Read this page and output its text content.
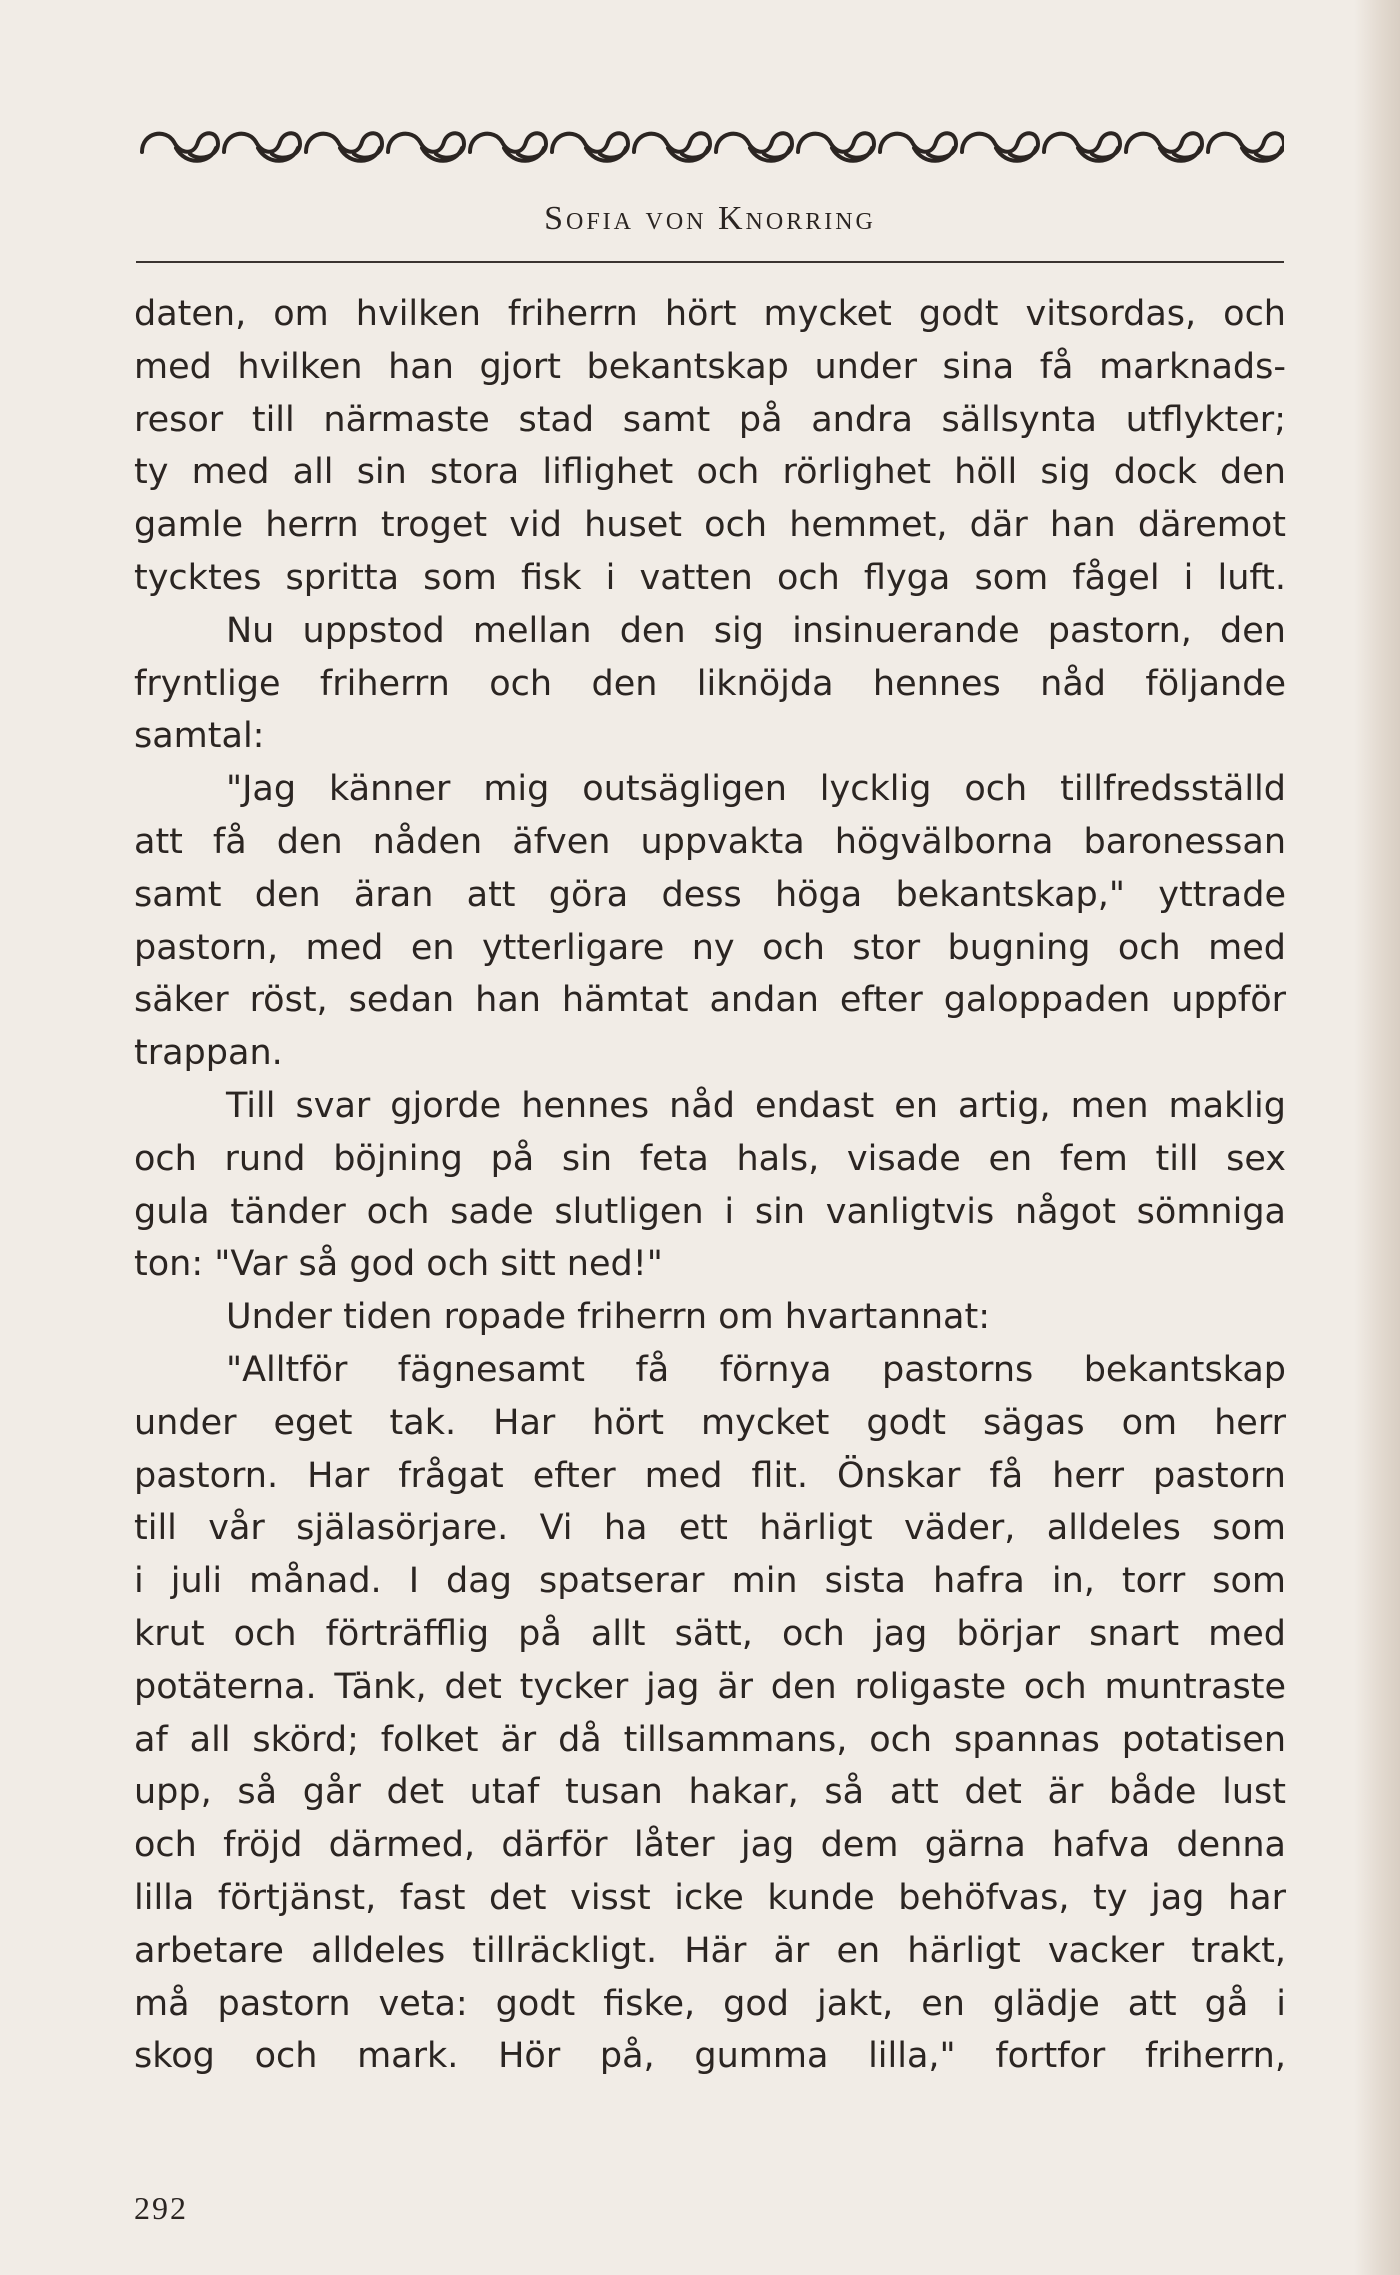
Sofia von Knorring
daten, om hvilken friherrn hört mycket godt vitsordas, och
med hvilken han gjort bekantskap under sina få marknads-
resor till närmaste stad samt på andra sällsynta utflykter;
ty med all sin stora liflighet och rörlighet höll sig dock den
gamle herrn troget vid huset och hemmet, där han däremot
tycktes spritta som fisk i vatten och flyga som fågel i luft.
Nu uppstod mellan den sig insinuerande pastorn, den
fryntlige friherrn och den liknöjda hennes nåd följande
samtal:
"Jag känner mig outsägligen lycklig och tillfredsställd
att få den nåden äfven uppvakta högvälborna baronessan
samt den äran att göra dess höga bekantskap," yttrade
pastorn, med en ytterligare ny och stor bugning och med
säker röst, sedan han hämtat andan efter galoppaden uppför
trappan.
Till svar gjorde hennes nåd endast en artig, men maklig
och rund böjning på sin feta hals, visade en fem till sex
gula tänder och sade slutligen i sin vanligtvis något sömniga
ton: "Var så god och sitt ned!"
Under tiden ropade friherrn om hvartannat:
"Alltför fägnesamt få förnya pastorns bekantskap
under eget tak. Har hört mycket godt sägas om herr
pastorn. Har frågat efter med flit. Önskar få herr pastorn
till vår själasörjare. Vi ha ett härligt väder, alldeles som
i juli månad. I dag spatserar min sista hafra in, torr som
krut och förträfflig på allt sätt, och jag börjar snart med
potäterna. Tänk, det tycker jag är den roligaste och muntraste
af all skörd; folket är då tillsammans, och spannas potatisen
upp, så går det utaf tusan hakar, så att det är både lust
och fröjd därmed, därför låter jag dem gärna hafva denna
lilla förtjänst, fast det visst icke kunde behöfvas, ty jag har
arbetare alldeles tillräckligt. Här är en härligt vacker trakt,
må pastorn veta: godt fiske, god jakt, en glädje att gå i
skog och mark. Hör på, gumma lilla," fortfor friherrn,
292
